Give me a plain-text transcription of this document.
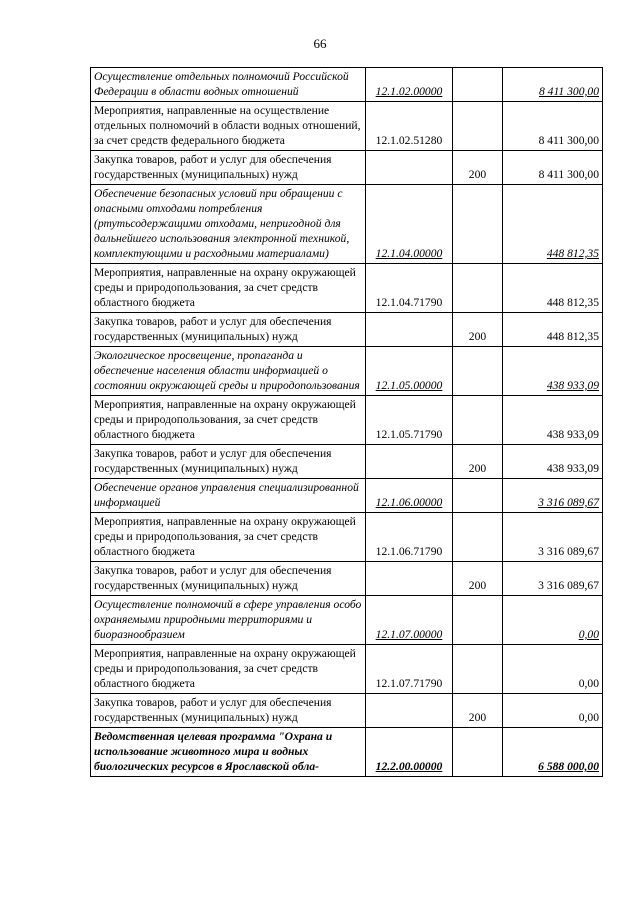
66
Осуществление отдельных полномочий Российской Федерации в области водных отношений	12.1.02.00000		8 411 300,00
Мероприятия, направленные на осуществление отдельных полномочий в области водных отношений, за счет средств федерального бюджета	12.1.02.51280		8 411 300,00
Закупка товаров, работ и услуг для обеспечения государственных (муниципальных) нужд		200	8 411 300,00
Обеспечение безопасных условий при обращении с опасными отходами потребления (ртутьсодержащими отходами, непригодной для дальнейшего использования электронной техникой, комплектующими и расходными материалами)	12.1.04.00000		448 812,35
Мероприятия, направленные на охрану окружающей среды и природопользования, за счет средств областного бюджета	12.1.04.71790		448 812,35
Закупка товаров, работ и услуг для обеспечения государственных (муниципальных) нужд		200	448 812,35
Экологическое просвещение, пропаганда и обеспечение населения области информацией о состоянии окружающей среды и природопользования	12.1.05.00000		438 933,09
Мероприятия, направленные на охрану окружающей среды и природопользования, за счет средств областного бюджета	12.1.05.71790		438 933,09
Закупка товаров, работ и услуг для обеспечения государственных (муниципальных) нужд		200	438 933,09
Обеспечение органов управления специализированной информацией	12.1.06.00000		3 316 089,67
Мероприятия, направленные на охрану окружающей среды и природопользования, за счет средств областного бюджета	12.1.06.71790		3 316 089,67
Закупка товаров, работ и услуг для обеспечения государственных (муниципальных) нужд		200	3 316 089,67
Осуществление полномочий в сфере управления особо охраняемыми природными территориями и биоразнообразием	12.1.07.00000		0,00
Мероприятия, направленные на охрану окружающей среды и природопользования, за счет средств областного бюджета	12.1.07.71790		0,00
Закупка товаров, работ и услуг для обеспечения государственных (муниципальных) нужд		200	0,00
Ведомственная целевая программа "Охрана и использование животного мира и водных биологических ресурсов в Ярославской обла-	12.2.00.00000		6 588 000,00
